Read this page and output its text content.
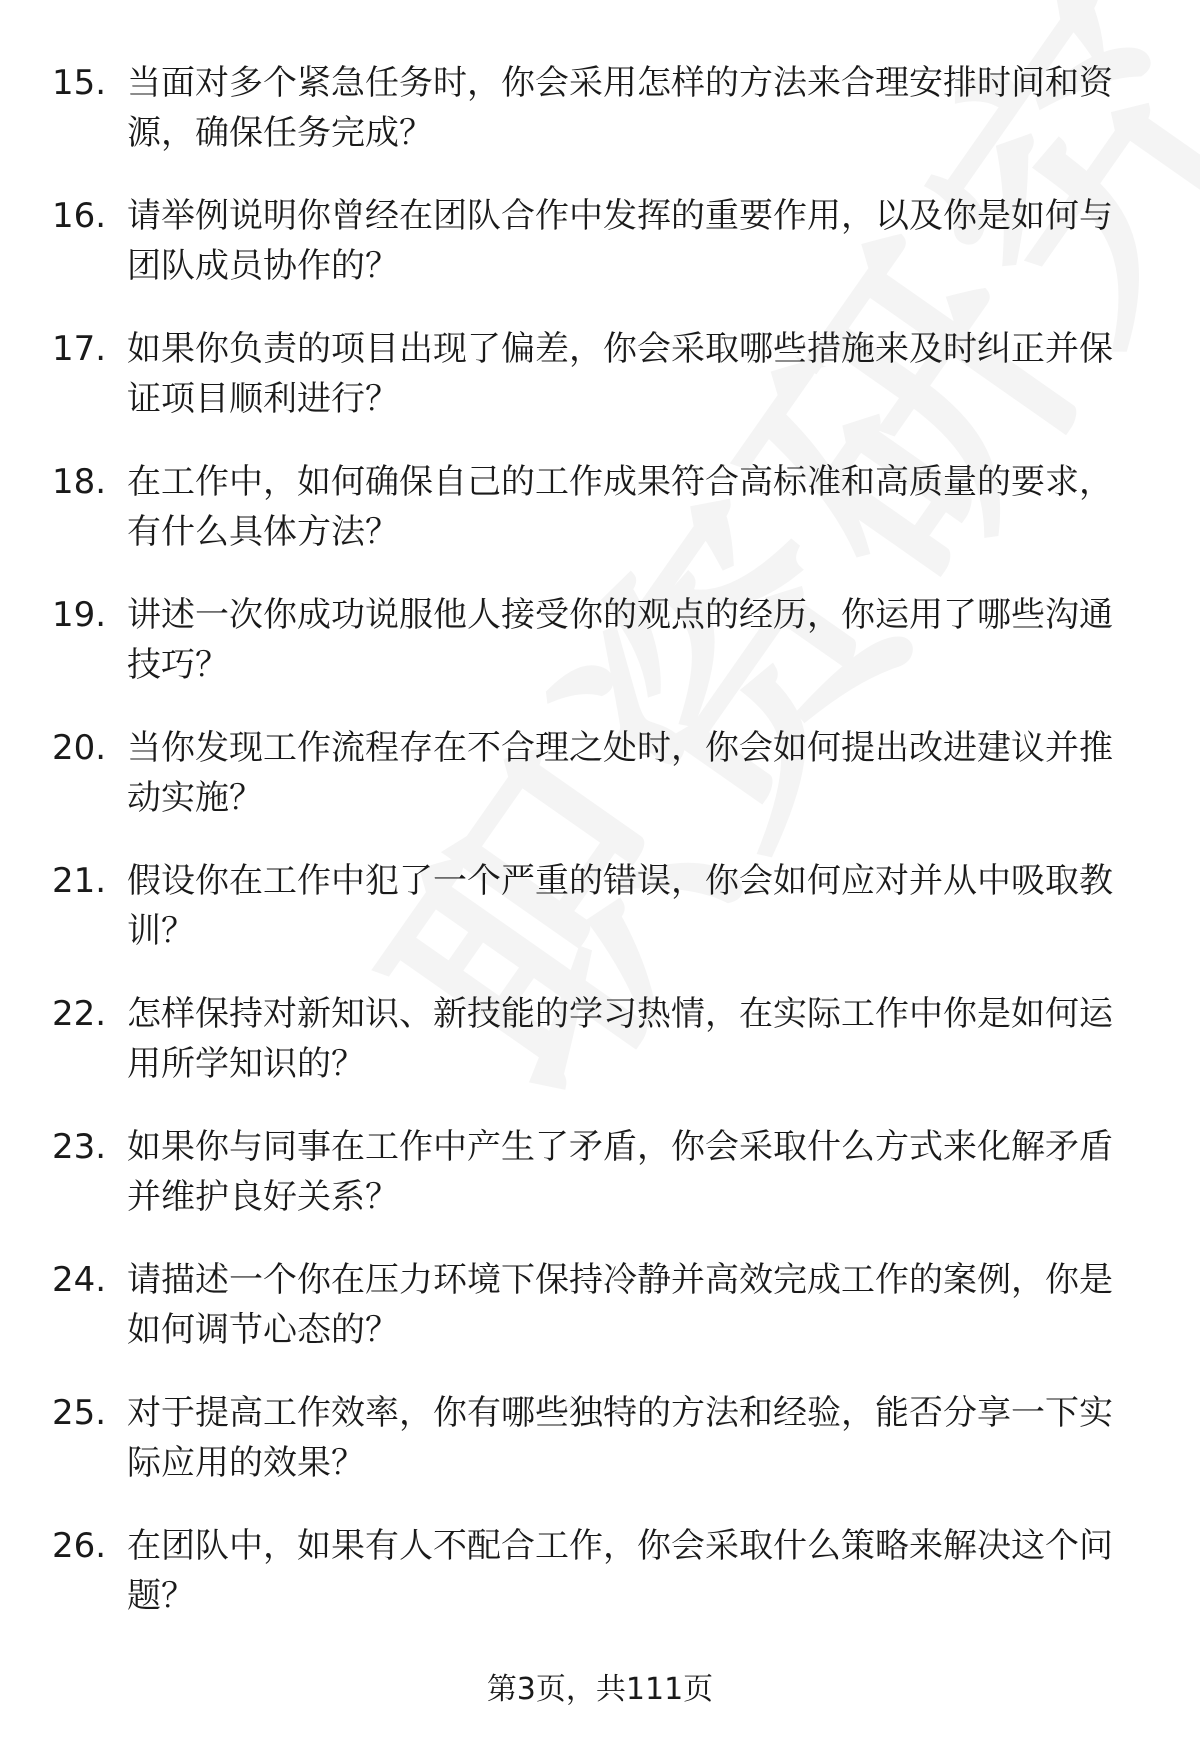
15. 当面对多个紧急任务时，你会采用怎样的方法来合理安排时间和资源，确保任务完成？
16. 请举例说明你曾经在团队合作中发挥的重要作用，以及你是如何与团队成员协作的？
17. 如果你负责的项目出现了偏差，你会采取哪些措施来及时纠正并保证项目顺利进行？
18. 在工作中，如何确保自己的工作成果符合高标准和高质量的要求，有什么具体方法？
19. 讲述一次你成功说服他人接受你的观点的经历，你运用了哪些沟通技巧？
20. 当你发现工作流程存在不合理之处时，你会如何提出改进建议并推动实施？
21. 假设你在工作中犯了一个严重的错误，你会如何应对并从中吸取教训？
22. 怎样保持对新知识、新技能的学习热情，在实际工作中你是如何运用所学知识的？
23. 如果你与同事在工作中产生了矛盾，你会采取什么方式来化解矛盾并维护良好关系？
24. 请描述一个你在压力环境下保持冷静并高效完成工作的案例，你是如何调节心态的？
25. 对于提高工作效率，你有哪些独特的方法和经验，能否分享一下实际应用的效果？
26. 在团队中，如果有人不配合工作，你会采取什么策略来解决这个问题？
第3页，共111页
